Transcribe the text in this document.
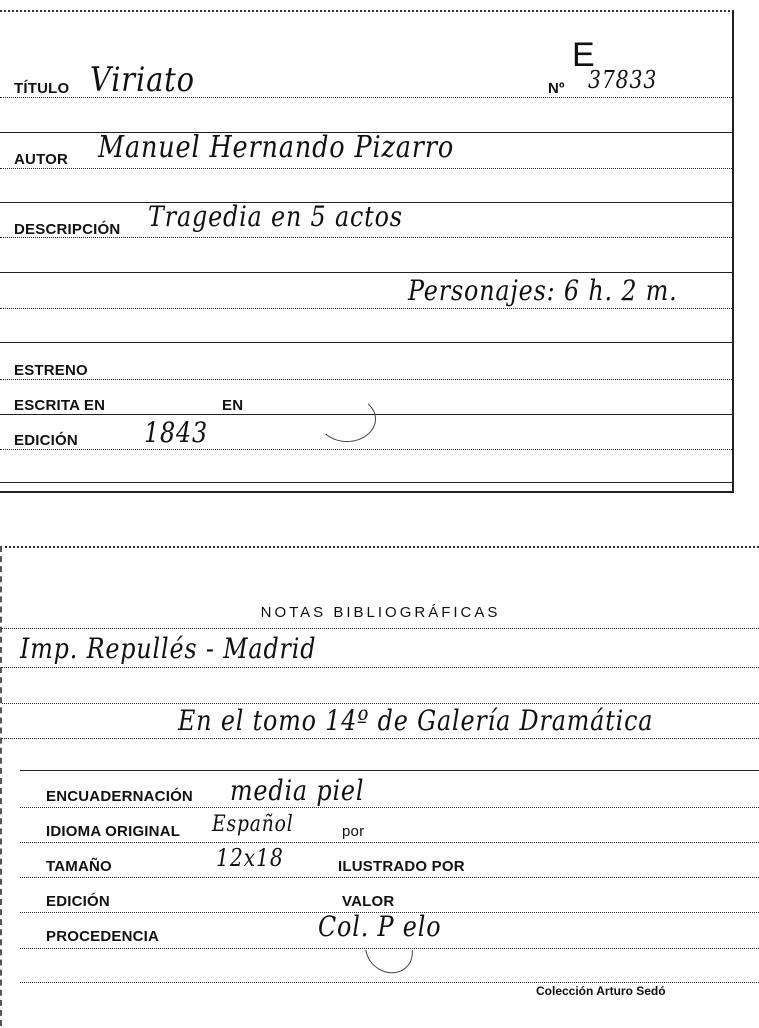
E
TÍTULO Viriato	Nº 37833
AUTOR Manuel Hernando Pizarro
DESCRIPCIÓN Tragedia en 5 actos
Personajes: 6 h. 2 m.
ESTRENO
ESCRITA EN	EN
EDICIÓN 1843
NOTAS BIBLIOGRÁFICAS
Imp. Repullés - Madrid
En el tomo 14º de Galería Dramática
ENCUADERNACIÓN media piel
IDIOMA ORIGINAL Español	por
TAMAÑO	12x18	ILUSTRADO POR
EDICIÓN	VALOR
PROCEDENCIA	Col. P elo
Colección Arturo Sedó
